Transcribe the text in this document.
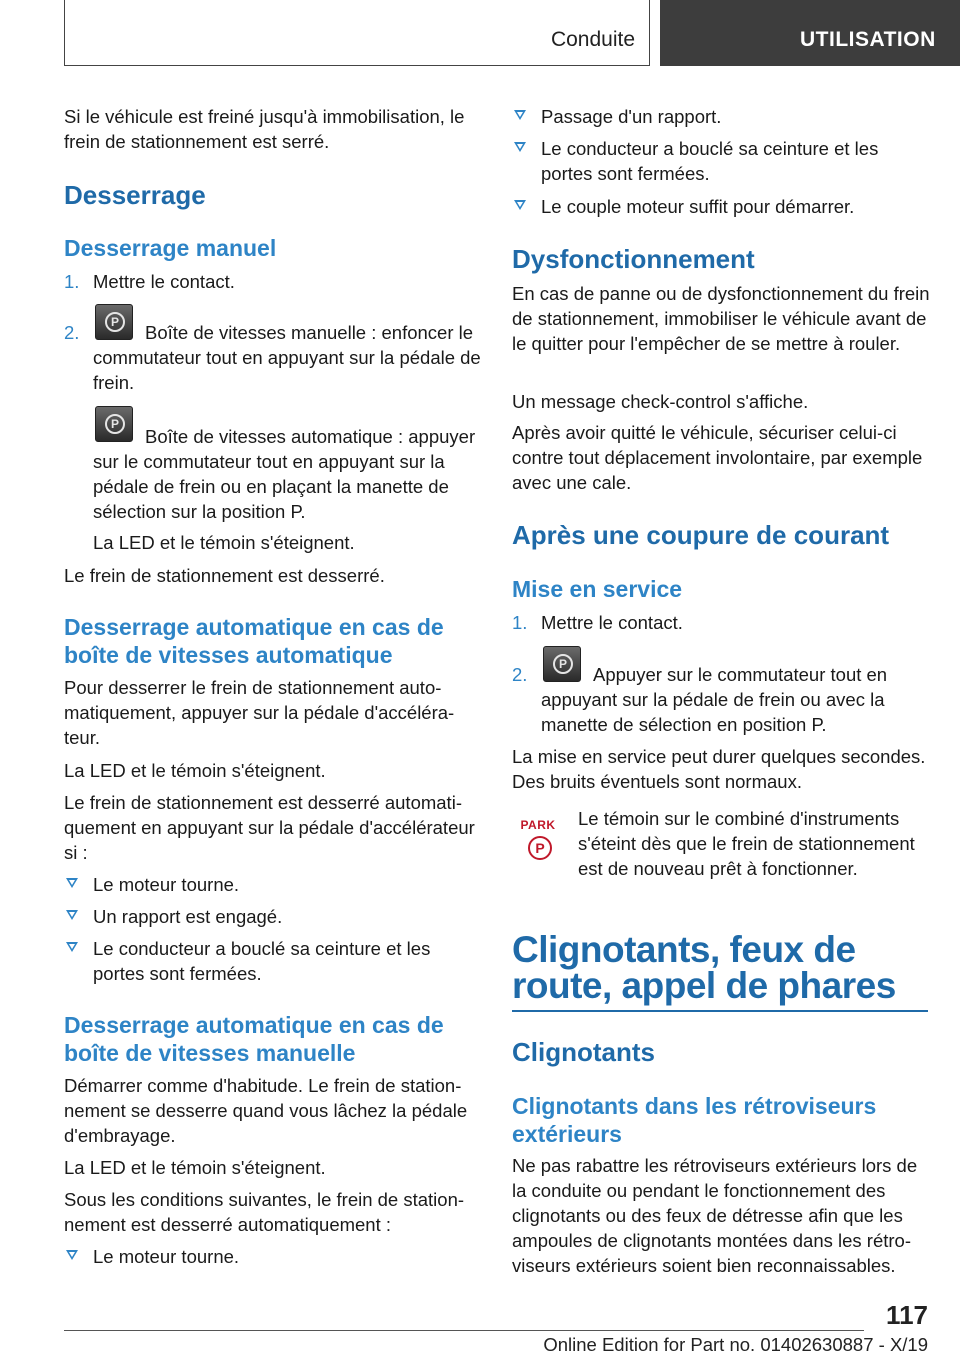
Conduite	UTILISATION
Si le véhicule est freiné jusqu'à immobilisation, le frein de stationnement est serré.
Desserrage
Desserrage manuel
1. Mettre le contact.
2.	P	Boîte de vitesses manuelle : enfoncer le commutateur tout en appuyant sur la pédale de frein.
P
Boîte de vitesses automatique : appuyer sur le commutateur tout en appuyant sur la pédale de frein ou en plaçant la manette de sélection sur la position P.
La LED et le témoin s'éteignent.
Le frein de stationnement est desserré.
Desserrage automatique en cas de boîte de vitesses automatique
Pour desserrer le frein de stationnement automatiquement, appuyer sur la pédale d'accélérateur.
La LED et le témoin s'éteignent.
Le frein de stationnement est desserré automatiquement en appuyant sur la pédale d'accélérateur si :
Le moteur tourne.
Un rapport est engagé.
Le conducteur a bouclé sa ceinture et les portes sont fermées.
Desserrage automatique en cas de boîte de vitesses manuelle
Démarrer comme d'habitude. Le frein de stationnement se desserre quand vous lâchez la pédale d'embrayage.
La LED et le témoin s'éteignent.
Sous les conditions suivantes, le frein de stationnement est desserré automatiquement :
Le moteur tourne.
Passage d'un rapport.
Le conducteur a bouclé sa ceinture et les portes sont fermées.
Le couple moteur suffit pour démarrer.
Dysfonctionnement
En cas de panne ou de dysfonctionnement du frein de stationnement, immobiliser le véhicule avant de le quitter pour l'empêcher de se mettre à rouler.
Un message check-control s'affiche.
Après avoir quitté le véhicule, sécuriser celui-ci contre tout déplacement involontaire, par exemple avec une cale.
Après une coupure de courant
Mise en service
1. Mettre le contact.
2.	P	Appuyer sur le commutateur tout en appuyant sur la pédale de frein ou avec la manette de sélection en position P.
La mise en service peut durer quelques secondes. Des bruits éventuels sont normaux.
PARK
P
Le témoin sur le combiné d'instruments s'éteint dès que le frein de stationnement est de nouveau prêt à fonctionner.
Clignotants, feux de route, appel de phares
Clignotants
Clignotants dans les rétroviseurs extérieurs
Ne pas rabattre les rétroviseurs extérieurs lors de la conduite ou pendant le fonctionnement des clignotants ou des feux de détresse afin que les ampoules de clignotants montées dans les rétroviseurs extérieurs soient bien reconnaissables.
117
Online Edition for Part no. 01402630887 - X/19
